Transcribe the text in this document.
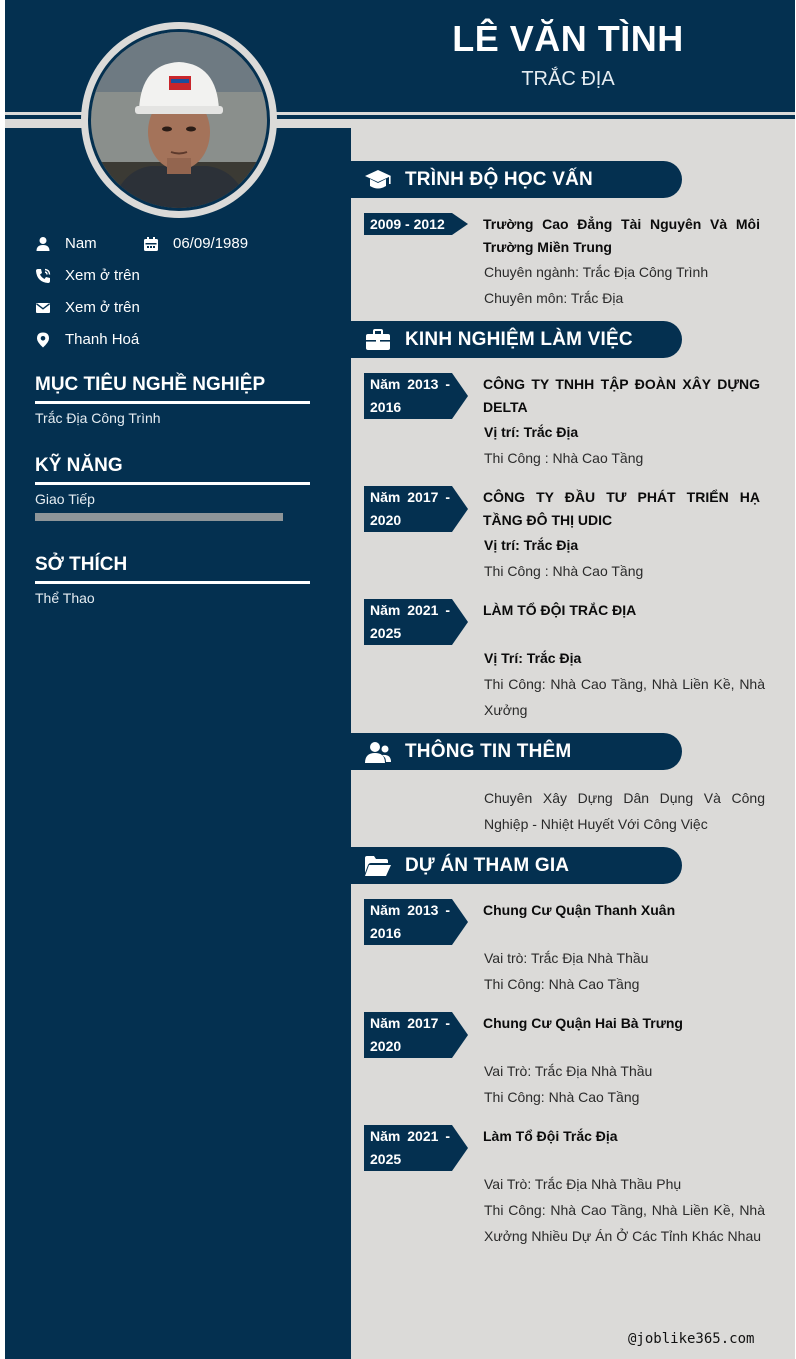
LÊ VĂN TÌNH
TRẮC ĐỊA
Nam	06/09/1989
Xem ở trên
Xem ở trên
Thanh Hoá
MỤC TIÊU NGHỀ NGHIỆP
Trắc Địa Công Trình
KỸ NĂNG
Giao Tiếp
SỞ THÍCH
Thể Thao
TRÌNH ĐỘ HỌC VẤN
2009 - 2012	Trường Cao Đẳng Tài Nguyên Và Môi Trường Miền Trung
Chuyên ngành: Trắc Địa Công Trình
Chuyên môn: Trắc Địa
KINH NGHIỆM LÀM VIỆC
Năm 2013 - 2016
CÔNG TY TNHH TẬP ĐOÀN XÂY DỰNG DELTA
Vị trí: Trắc Địa
Thi Công : Nhà Cao Tầng
Năm 2017 - 2020
CÔNG TY ĐẦU TƯ PHÁT TRIỂN HẠ TẦNG ĐÔ THỊ UDIC
Vị trí: Trắc Địa
Thi Công : Nhà Cao Tầng
Năm 2021 - 2025
LÀM TỔ ĐỘI TRẮC ĐỊA
Vị Trí: Trắc Địa
Thi Công: Nhà Cao Tầng, Nhà Liền Kề, Nhà Xưởng
THÔNG TIN THÊM
Chuyên Xây Dựng Dân Dụng Và Công Nghiệp - Nhiệt Huyết Với Công Việc
DỰ ÁN THAM GIA
Năm 2013 - 2016
Chung Cư Quận Thanh Xuân
Vai trò: Trắc Địa Nhà Thầu
Thi Công: Nhà Cao Tầng
Năm 2017 - 2020
Chung Cư Quận Hai Bà Trưng
Vai Trò: Trắc Địa Nhà Thầu
Thi Công: Nhà Cao Tầng
Năm 2021 - 2025
Làm Tổ Đội Trắc Địa
Vai Trò: Trắc Địa Nhà Thầu Phụ
Thi Công: Nhà Cao Tầng, Nhà Liền Kề, Nhà Xưởng Nhiều Dự Án Ở Các Tỉnh Khác Nhau
@joblike365.com
